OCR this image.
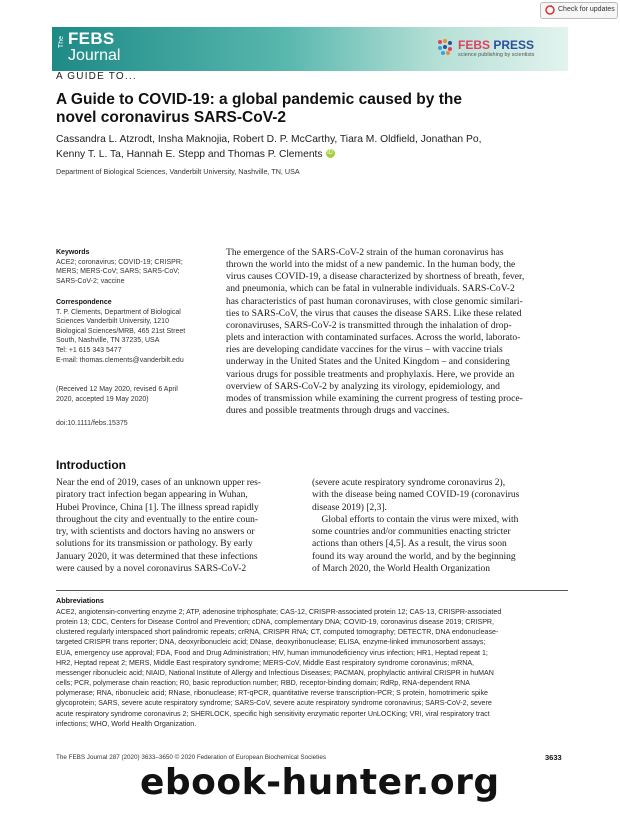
Check for updates
The FEBS
Journal
FEBS PRESS
science publishing by scientists
A GUIDE TO...
A Guide to COVID-19: a global pandemic caused by the
novel coronavirus SARS-CoV-2
Cassandra L. Atzrodt, Insha Maknojia, Robert D. P. McCarthy, Tiara M. Oldfield, Jonathan Po,
Kenny T. L. Ta, Hannah E. Stepp and Thomas P. Clements iD
Department of Biological Sciences, Vanderbilt University, Nashville, TN, USA
Keywords
ACE2; coronavirus; COVID-19; CRISPR;
MERS; MERS-CoV; SARS; SARS-CoV;
SARS-CoV-2; vaccine
Correspondence
T. P. Clements, Department of Biological
Sciences Vanderbilt University, 1210
Biological Sciences/MRB, 465 21st Street
South, Nashville, TN 37235, USA
Tel: +1 615 343 5477
E-mail: thomas.clements@vanderbilt.edu
(Received 12 May 2020, revised 6 April
2020, accepted 19 May 2020)
doi:10.1111/febs.15375
The emergence of the SARS-CoV-2 strain of the human coronavirus has
thrown the world into the midst of a new pandemic. In the human body, the
virus causes COVID-19, a disease characterized by shortness of breath, fever,
and pneumonia, which can be fatal in vulnerable individuals. SARS-CoV-2
has characteristics of past human coronaviruses, with close genomic similari-
ties to SARS-CoV, the virus that causes the disease SARS. Like these related
coronaviruses, SARS-CoV-2 is transmitted through the inhalation of drop-
plets and interaction with contaminated surfaces. Across the world, laborato-
ries are developing candidate vaccines for the virus – with vaccine trials
underway in the United States and the United Kingdom – and considering
various drugs for possible treatments and prophylaxis. Here, we provide an
overview of SARS-CoV-2 by analyzing its virology, epidemiology, and
modes of transmission while examining the current progress of testing proce-
dures and possible treatments through drugs and vaccines.
Introduction
Near the end of 2019, cases of an unknown upper res-
piratory tract infection began appearing in Wuhan,
Hubei Province, China [1]. The illness spread rapidly
throughout the city and eventually to the entire coun-
try, with scientists and doctors having no answers or
solutions for its transmission or pathology. By early
January 2020, it was determined that these infections
were caused by a novel coronavirus SARS-CoV-2
(severe acute respiratory syndrome coronavirus 2),
with the disease being named COVID-19 (coronavirus
disease 2019) [2,3].
Global efforts to contain the virus were mixed, with
some countries and/or communities enacting stricter
actions than others [4,5]. As a result, the virus soon
found its way around the world, and by the beginning
of March 2020, the World Health Organization
Abbreviations
ACE2, angiotensin-converting enzyme 2; ATP, adenosine triphosphate; CAS-12, CRISPR-associated protein 12; CAS-13, CRISPR-associated
protein 13; CDC, Centers for Disease Control and Prevention; cDNA, complementary DNA; COVID-19, coronavirus disease 2019; CRISPR,
clustered regularly interspaced short palindromic repeats; crRNA, CRISPR RNA; CT, computed tomography; DETECTR, DNA endonuclease-
targeted CRISPR trans reporter; DNA, deoxyribonucleic acid; DNase, deoxyribonuclease; ELISA, enzyme-linked immunosorbent assays;
EUA, emergency use approval; FDA, Food and Drug Administration; HIV, human immunodeficiency virus infection; HR1, Heptad repeat 1;
HR2, Heptad repeat 2; MERS, Middle East respiratory syndrome; MERS-CoV, Middle East respiratory syndrome coronavirus; mRNA,
messenger ribonucleic acid; NIAID, National Institute of Allergy and Infectious Diseases; PACMAN, prophylactic antiviral CRISPR in huMAN
cells; PCR, polymerase chain reaction; R0, basic reproduction number; RBD, receptor-binding domain; RdRp, RNA-dependent RNA
polymerase; RNA, ribonucleic acid; RNase, ribonuclease; RT-qPCR, quantitative reverse transcription-PCR; S protein, homotrimeric spike
glycoprotein; SARS, severe acute respiratory syndrome; SARS-CoV, severe acute respiratory syndrome coronavirus; SARS-CoV-2, severe
acute respiratory syndrome coronavirus 2; SHERLOCK, specific high sensitivity enzymatic reporter UnLOCKing; VRI, viral respiratory tract
infections; WHO, World Health Organization.
The FEBS Journal 287 (2020) 3633–3650 © 2020 Federation of European Biochemical Societies	3633
ebook-hunter.org
